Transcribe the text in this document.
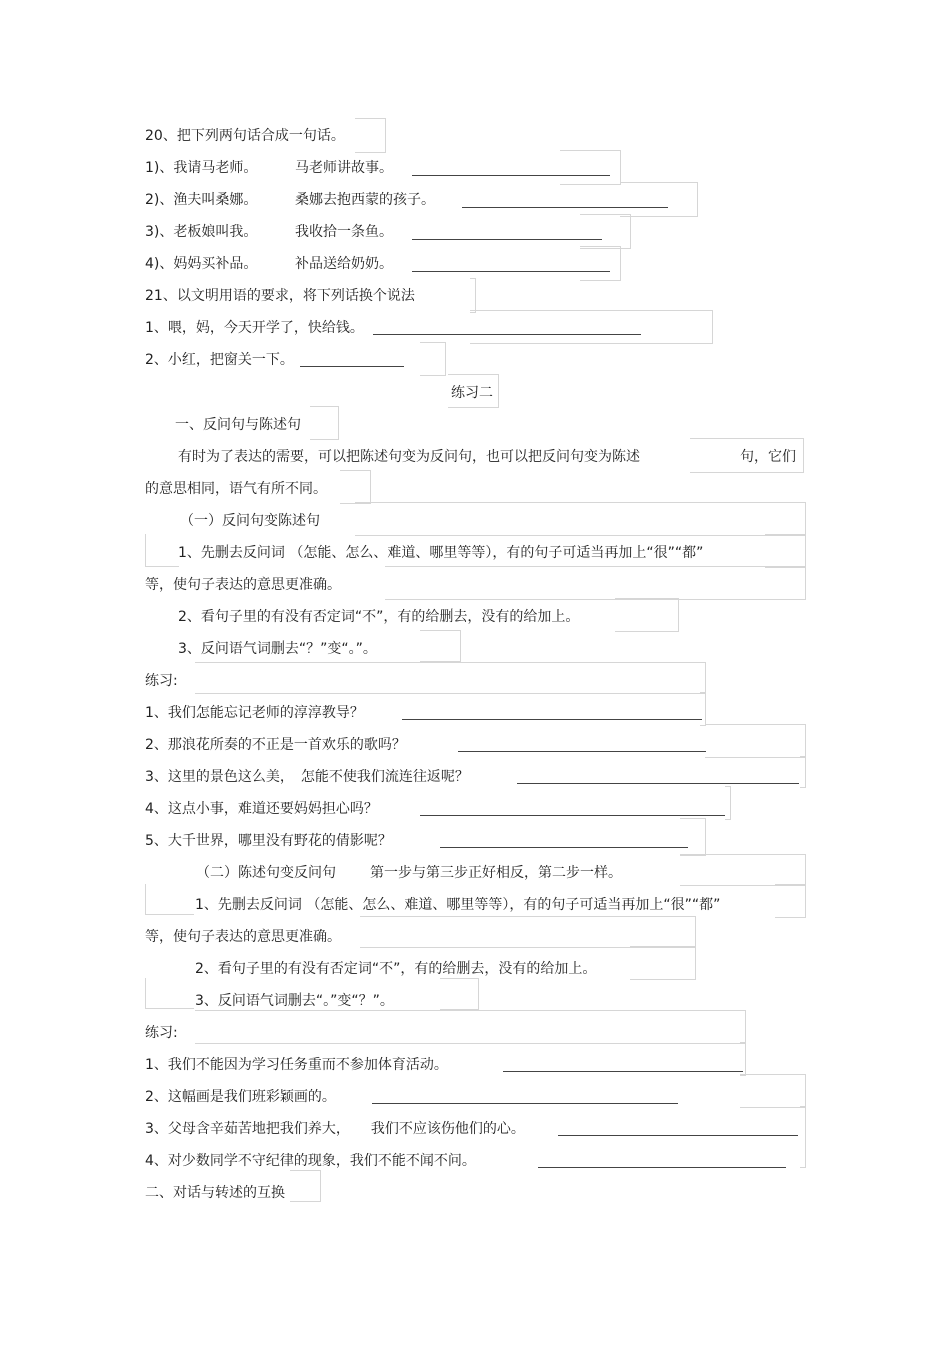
20、把下列两句话合成一句话。
1)、我请马老师。	马老师讲故事。
2)、渔夫叫桑娜。	桑娜去抱西蒙的孩子。
3)、老板娘叫我。	我收拾一条鱼。
4)、妈妈买补品。	补品送给奶奶。
21、以文明用语的要求，将下列话换个说法
1、喂，妈，今天开学了，快给钱。
2、小红，把窗关一下。
练习二
一、反问句与陈述句
有时为了表达的需要，可以把陈述句变为反问句，也可以把反问句变为陈述	句，它们
的意思相同，语气有所不同。
（一）反问句变陈述句
1、先删去反问词 （怎能、怎么、难道、哪里等等），有的句子可适当再加上“很”“都”
等，使句子表达的意思更准确。
2、看句子里的有没有否定词“不”，有的给删去，没有的给加上。
3、反问语气词删去“？”变“。”。
练习:
1、我们怎能忘记老师的淳淳教导？
2、那浪花所奏的不正是一首欢乐的歌吗？
3、这里的景色这么美，　怎能不使我们流连往返呢？
4、这点小事，难道还要妈妈担心吗？
5、大千世界，哪里没有野花的倩影呢？
（二）陈述句变反问句 第一步与第三步正好相反，第二步一样。
1、先删去反问词 （怎能、怎么、难道、哪里等等），有的句子可适当再加上“很”“都”
等，使句子表达的意思更准确。
2、看句子里的有没有否定词“不”，有的给删去，没有的给加上。
3、反问语气词删去“。”变“？”。
练习:
1、我们不能因为学习任务重而不参加体育活动。
2、这幅画是我们班彩颖画的。
3、父母含辛茹苦地把我们养大，　　我们不应该伤他们的心。
4、对少数同学不守纪律的现象，我们不能不闻不问。
二、对话与转述的互换
